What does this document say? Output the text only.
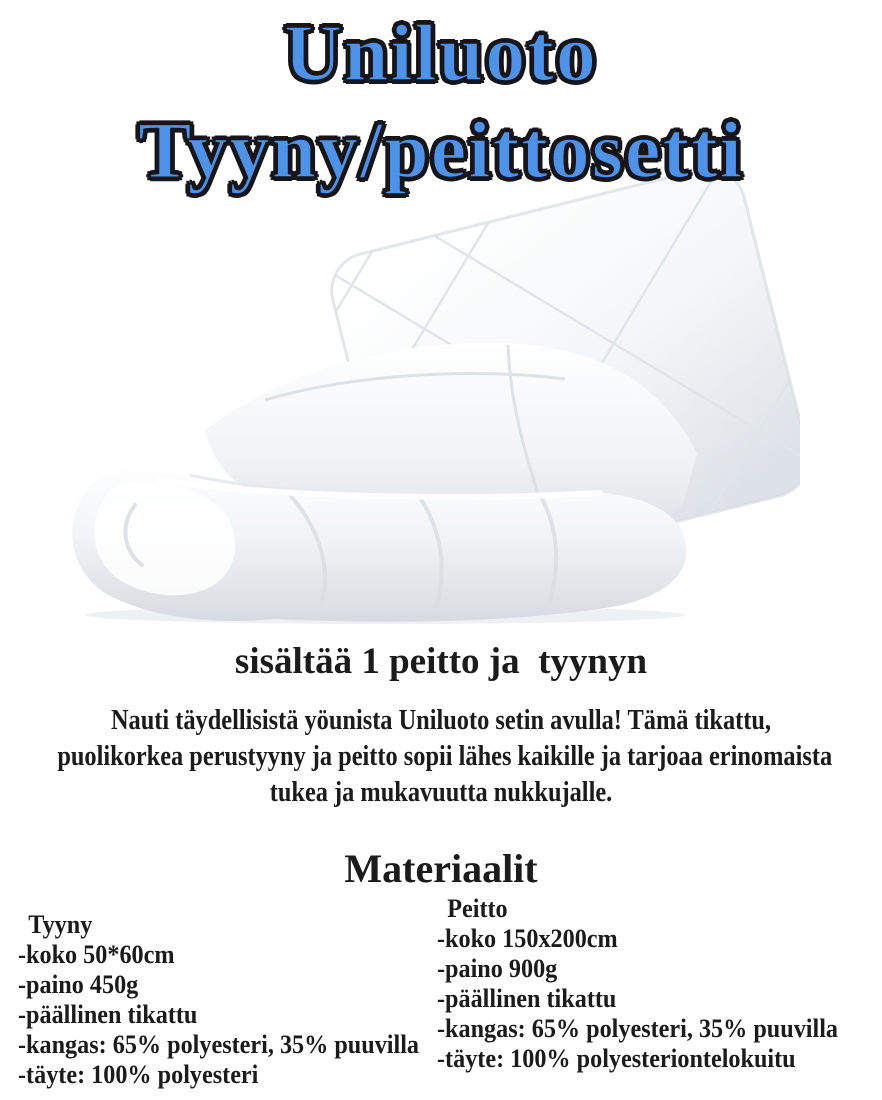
Uniluoto
Tyyny/peittosetti
sisältää 1 peitto ja  tyynyn
Nauti täydellisistä yöunista Uniluoto setin avulla! Tämä tikattu,
puolikorkea perustyyny ja peitto sopii lähes kaikille ja tarjoaa erinomaista
tukea ja mukavuutta nukkujalle.
Materiaalit
Tyyny
-koko 50*60cm
-paino 450g
-päällinen tikattu
-kangas: 65% polyesteri, 35% puuvilla
-täyte: 100% polyesteri
Peitto
-koko 150x200cm
-paino 900g
-päällinen tikattu
-kangas: 65% polyesteri, 35% puuvilla
-täyte: 100% polyesteriontelokuitu
